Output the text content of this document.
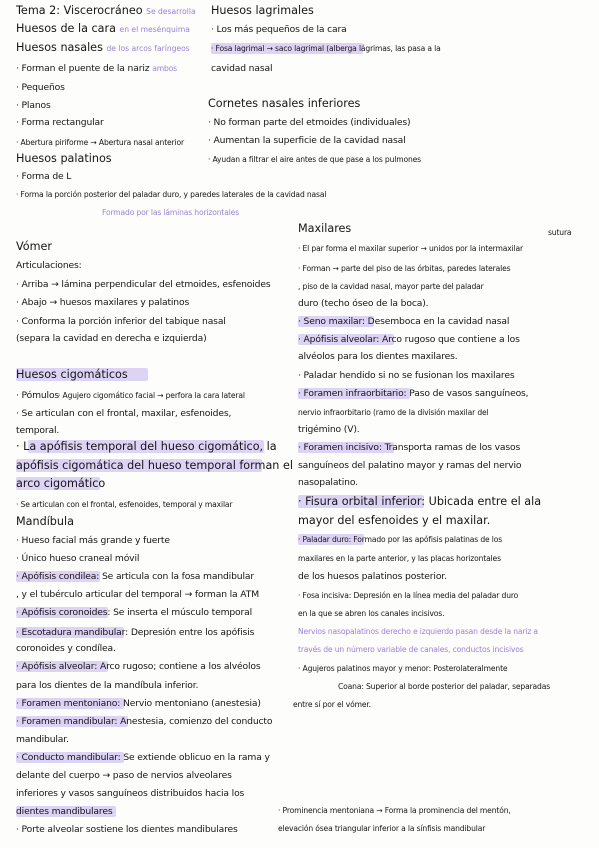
Tema 2: Viscerocráneo Se desarrolla
Huesos de la cara en el mesénquima
Huesos nasales de los arcos faríngeos
· Forman el puente de la nariz ambos
· Pequeños
· Planos
· Forma rectangular
· Abertura piriforme → Abertura nasal anterior
Huesos palatinos
· Forma de L
· Forma la porción posterior del paladar duro, y paredes laterales de la cavidad nasal
Formado por las láminas horizontales
Vómer
Articulaciones:
· Arriba → lámina perpendicular del etmoides, esfenoides
· Abajo → huesos maxilares y palatinos
· Conforma la porción inferior del tabique nasal
(separa la cavidad en derecha e izquierda)
Huesos cigomáticos
· Pómulos
· Agujero cigomático facial → perfora la cara lateral
· Se articulan con el frontal, maxilar, esfenoides,
temporal.
· La apófisis temporal del hueso cigomático, la
apófisis cigomática del hueso temporal forman el
arco cigomático
· Se articulan con el frontal, esfenoides, temporal y maxilar
Mandíbula
· Hueso facial más grande y fuerte
· Único hueso craneal móvil
· Apófisis condilea: Se articula con la fosa mandibular
, y el tubérculo articular del temporal → forman la ATM
· Apófisis coronoides: Se inserta el músculo temporal
· Escotadura mandibular: Depresión entre los apófisis
coronoides y condílea.
· Apófisis alveolar: Arco rugoso; contiene a los alvéolos
para los dientes de la mandíbula inferior.
· Foramen mentoniano: Nervio mentoniano (anestesia)
· Foramen mandibular: Anestesia, comienzo del conducto
mandibular.
· Conducto mandibular: Se extiende oblicuo en la rama y
delante del cuerpo → paso de nervios alveolares
inferiores y vasos sanguíneos distribuidos hacia los
dientes mandibulares
· Porte alveolar sostiene los dientes mandibulares
Huesos lagrimales
· Los más pequeños de la cara
· Fosa lagrimal → saco lagrimal (alberga lágrimas, las pasa a la
cavidad nasal
Cornetes nasales inferiores
· No forman parte del etmoides (individuales)
· Aumentan la superficie de la cavidad nasal
· Ayudan a filtrar el aire antes de que pase a los pulmones
Maxilares	sutura
· El par forma el maxilar superior → unidos por la intermaxilar
· Forman → parte del piso de las órbitas, paredes laterales
, piso de la cavidad nasal, mayor parte del paladar
duro (techo óseo de la boca).
· Seno maxilar: Desemboca en la cavidad nasal
· Apófisis alveolar: Arco rugoso que contiene a los
alvéolos para los dientes maxilares.
· Paladar hendido si no se fusionan los maxilares
· Foramen infraorbitario: Paso de vasos sanguíneos,
nervio infraorbitario (ramo de la división maxilar del
trigémino (V).
· Foramen incisivo: Transporta ramas de los vasos
sanguíneos del palatino mayor y ramas del nervio
nasopalatino.
· Fisura orbital inferior: Ubicada entre el ala
mayor del esfenoides y el maxilar.
· Paladar duro: Formado por las apófisis palatinas de los
maxilares en la parte anterior, y las placas horizontales
de los huesos palatinos posterior.
· Fosa incisiva: Depresión en la línea media del paladar duro
en la que se abren los canales incisivos.
Nervios nasopalatinos derecho e izquierdo pasan desde la nariz a
través de un número variable de canales, conductos incisivos
· Agujeros palatinos mayor y menor: Posterolateralmente
Coana: Superior al borde posterior del paladar, separadas
entre sí por el vómer.
· Prominencia mentoniana → Forma la prominencia del mentón,
elevación ósea triangular inferior a la sínfisis mandibular
